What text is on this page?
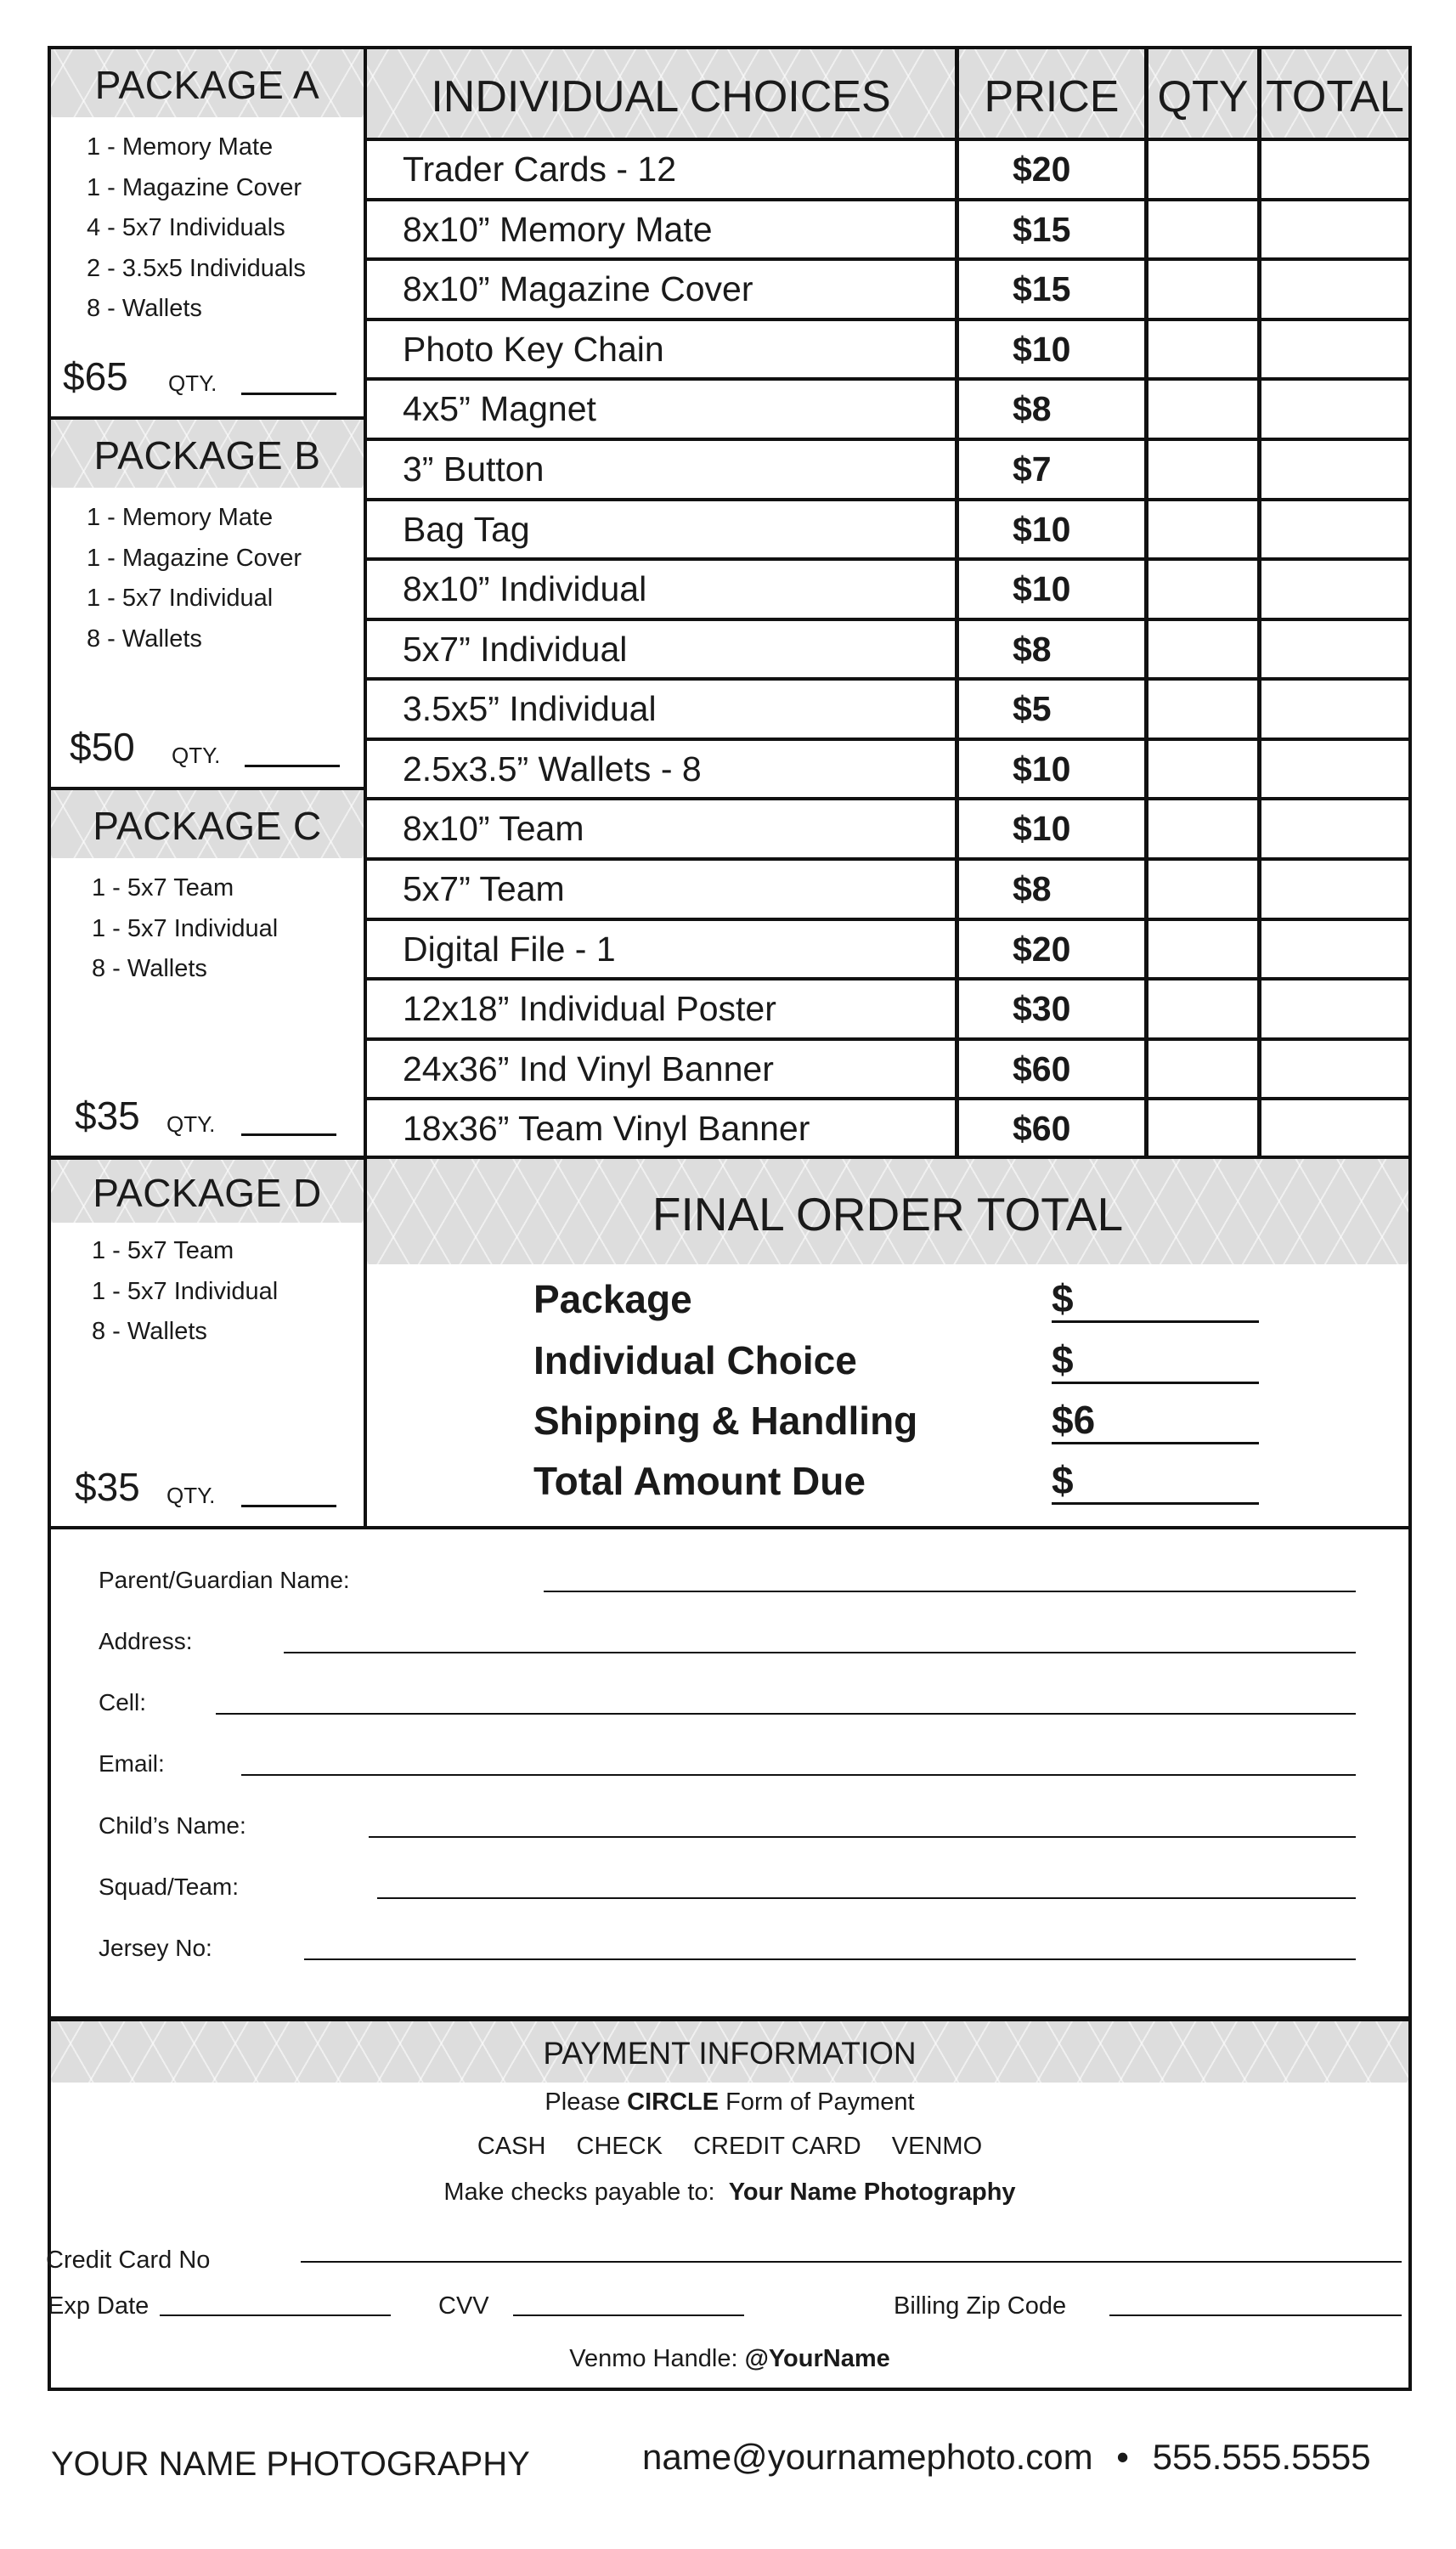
PACKAGE A
1 - Memory Mate
1 - Magazine Cover
4 - 5x7 Individuals
2 - 3.5x5 Individuals
8 - Wallets
$65 QTY.
PACKAGE B
1 - Memory Mate
1 - Magazine Cover
1 - 5x7 Individual
8 - Wallets
$50 QTY.
PACKAGE C
1 - 5x7 Team
1 - 5x7 Individual
8 - Wallets
$35 QTY.
PACKAGE D
1 - 5x7 Team
1 - 5x7 Individual
8 - Wallets
$35 QTY.
INDIVIDUAL CHOICES	PRICE QTY TOTAL
Trader Cards - 12	$20
8x10” Memory Mate	$15
8x10” Magazine Cover	$15
Photo Key Chain	$10
4x5” Magnet	$8
3” Button	$7
Bag Tag	$10
8x10” Individual	$10
5x7” Individual	$8
3.5x5” Individual	$5
2.5x3.5” Wallets - 8	$10
8x10” Team	$10
5x7” Team	$8
Digital File - 1	$20
12x18” Individual Poster	$30
24x36” Ind Vinyl Banner	$60
18x36” Team Vinyl Banner	$60
FINAL ORDER TOTAL
Package	$
Individual Choice	$
Shipping & Handling	$6
Total Amount Due	$
Parent/Guardian Name:
Address:
Cell:
Email:
Child’s Name:
Squad/Team:
Jersey No:
PAYMENT INFORMATION
Please CIRCLE Form of Payment
CASH CHECK CREDIT CARD VENMO
Make checks payable to: Your Name Photography
Credit Card No
Exp Date	CVV	Billing Zip Code
Venmo Handle: @YourName
YOUR NAME PHOTOGRAPHY	name@yournamephoto.com • 555.555.5555
